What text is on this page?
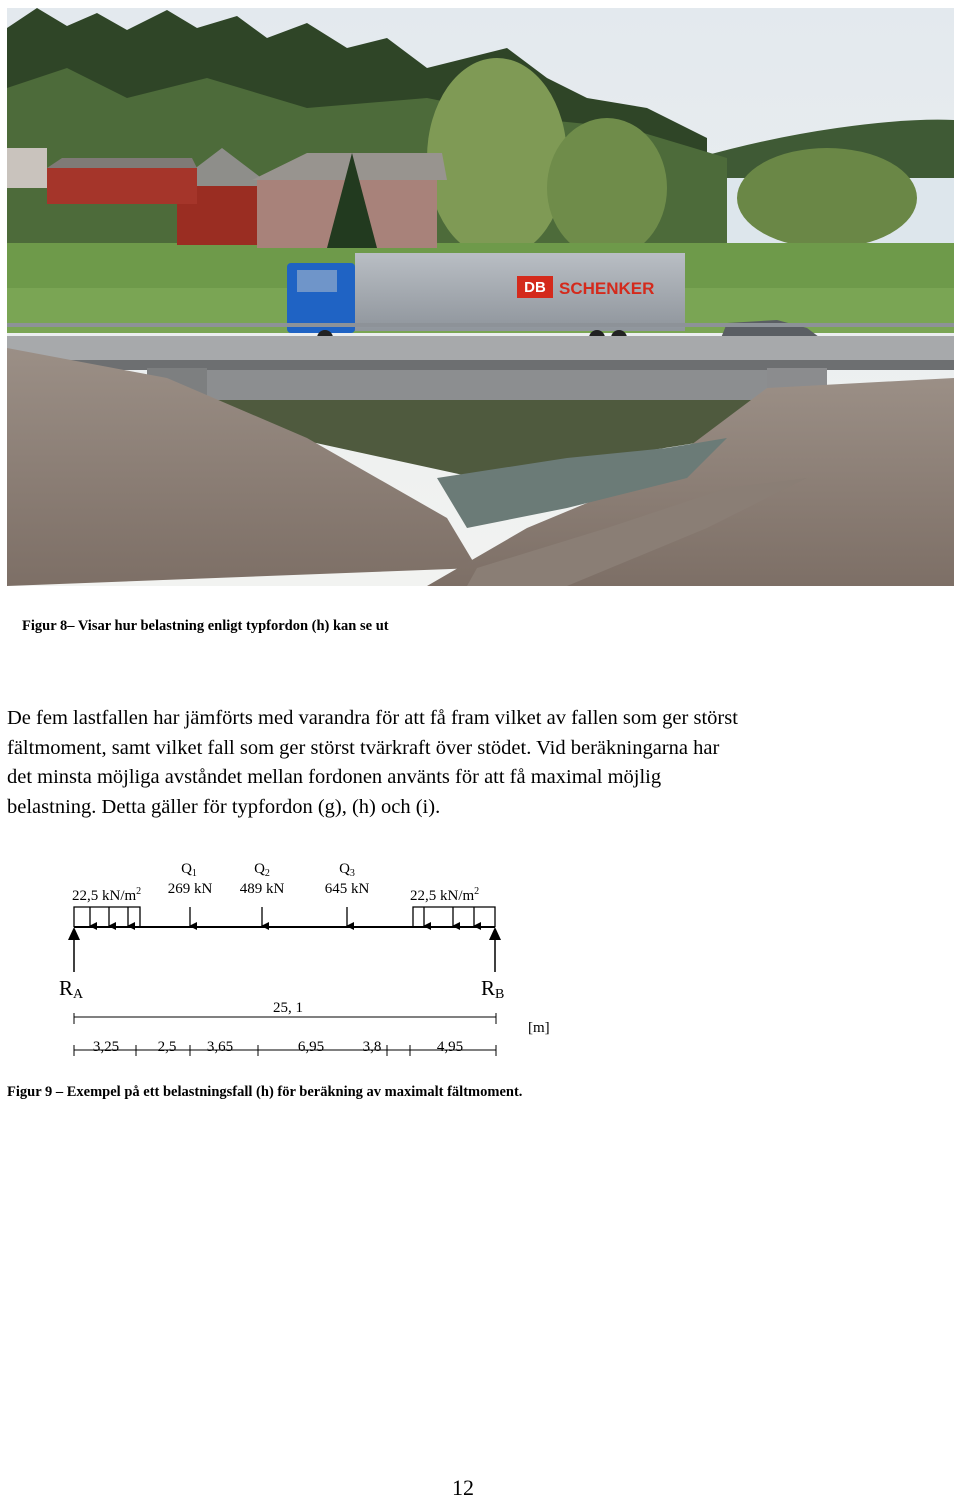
DB SCHENKER
Figur 8– Visar hur belastning enligt typfordon (h) kan se ut
De fem lastfallen har jämförts med varandra för att få fram vilket av fallen som ger störst
fältmoment, samt vilket fall som ger störst tvärkraft över stödet. Vid beräkningarna har
det minsta möjliga avståndet mellan fordonen använts för att få maximal möjlig
belastning. Detta gäller för typfordon (g), (h) och (i).
$Q_1$
269 kN
$Q_2$
489 kN
$Q_3$
645 kN
22,5 $kN/m^2$	22,5 $kN/m^2$
RA	RB
25, 1
3,25	2,5 3,65	6,95	3,8	4,95
[m]
Figur 9 – Exempel på ett belastningsfall (h) för beräkning av maximalt fältmoment.
12
